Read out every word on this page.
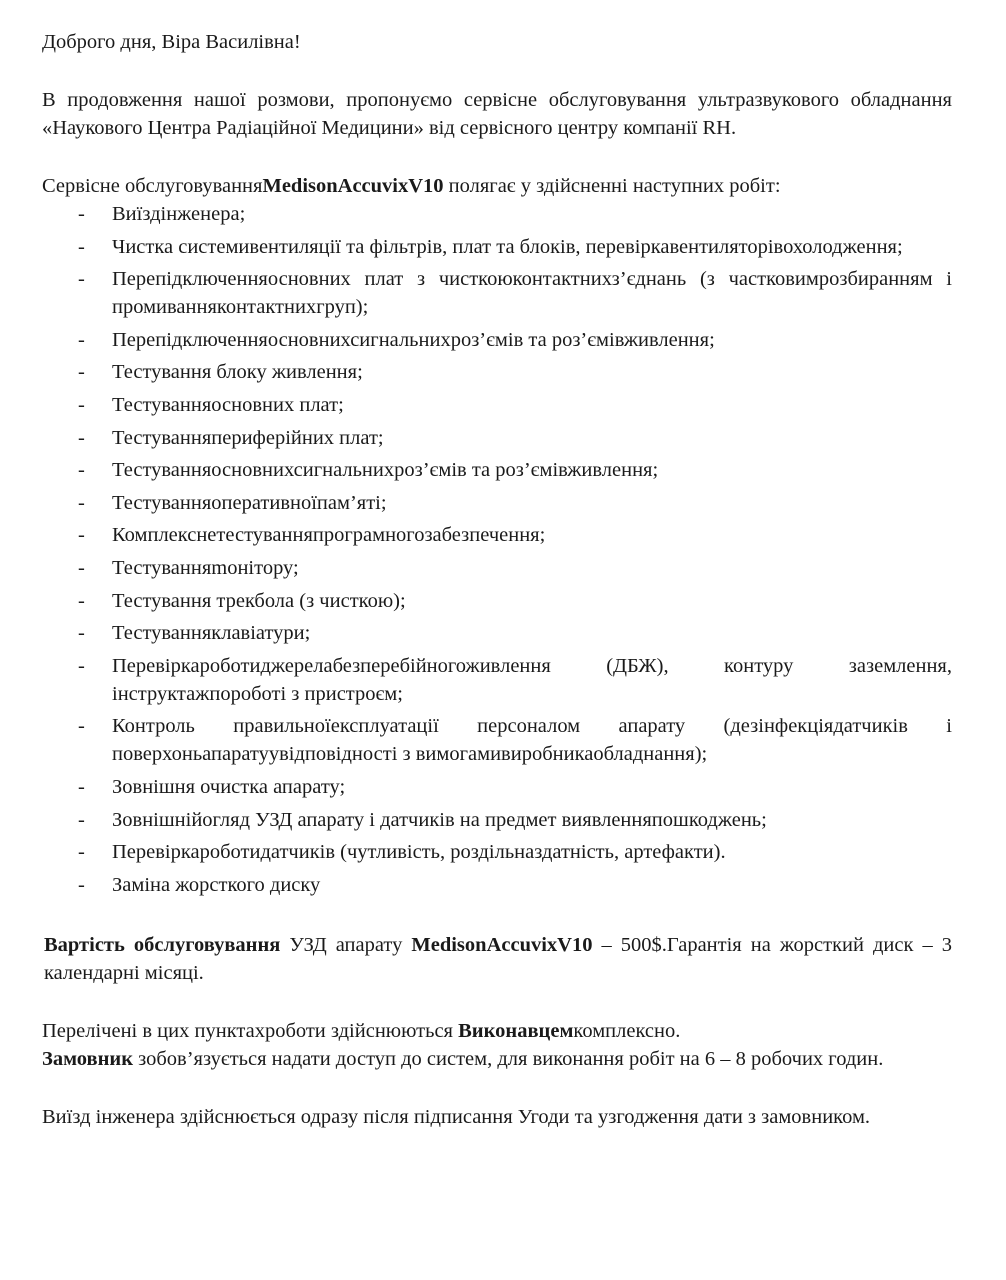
Доброго дня, Віра Василівна!

В продовження нашої розмови, пропонуємо сервісне обслуговування ультразвукового обладнання «Наукового Центра Радіаційної Медицини» від сервісного центру компанії RH.

Сервісне обслуговуванняMedisonAccuvixV10 полягає у здійсненні наступних робіт:

- Виїздінженера;
- Чистка системивентиляції та фільтрів, плат та блоків, перевіркавентиляторівохолодження;
- Перепідключенняосновних плат з чисткоюконтактнихз’єднань (з частковимрозбиранням і промиванняконтактнихгруп);
- Перепідключенняосновнихсигнальнихроз’ємів та роз’ємівживлення;
- Тестування блоку живлення;
- Тестуванняосновних плат;
- Тестуванняпериферійних плат;
- Тестуванняосновнихсигнальнихроз’ємів та роз’ємівживлення;
- Тестуванняоперативноїпам’яті;
- Комплекснетестуванняпрограмногозабезпечення;
- Тестуванняmонітору;
- Тестування трекбола (з чисткою);
- Тестуванняклавіатури;
- Перевіркароботиджерелабезперебійногоживлення (ДБЖ), контуру заземлення, інструктажпороботі з пристроєм;
- Контроль правильноїексплуатації персоналом апарату (дезінфекціядатчиків і поверхоньапаратуувідповідності з вимогамивиробникаобладнання);
- Зовнішня очистка апарату;
- Зовнішнійогляд УЗД апарату і датчиків на предмет виявленняпошкоджень;
- Перевіркароботидатчиків (чутливість, роздільназдатність, артефакти).
- Заміна жорсткого диску

Вартість обслуговування УЗД апарату MedisonAccuvixV10 – 500$.Гарантія на жорсткий диск – 3 календарні місяці.

Перелічені в цих пунктахроботи здійснюються Виконавцемкомплексно.

Замовник зобов’язується надати доступ до систем, для виконання робіт на 6 – 8 робочих годин.

Виїзд інженера здійснюється одразу після підписання Угоди та узгодження дати з замовником.
